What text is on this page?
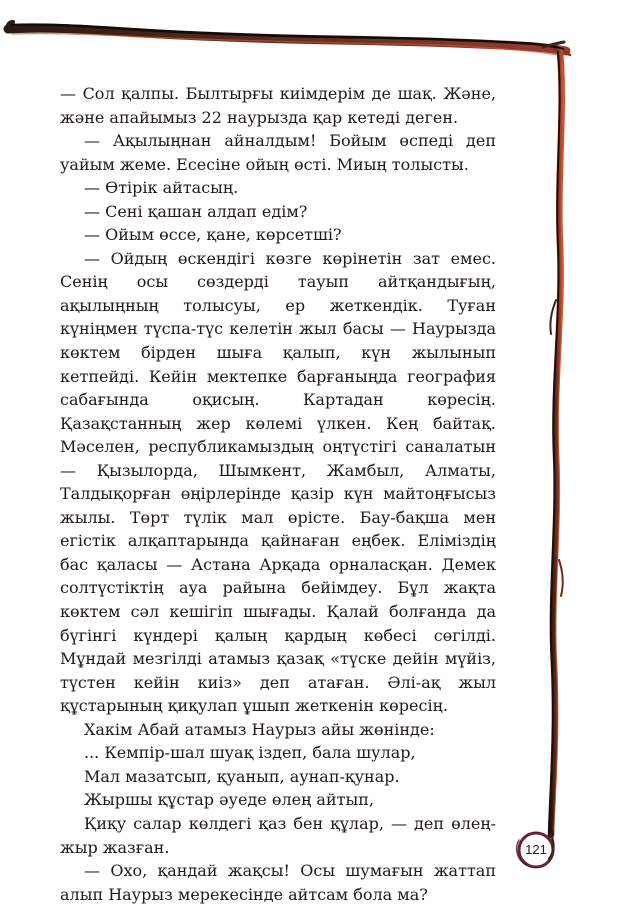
— Сол қалпы. Былтырғы киімдерім де шақ. Және, және апайымыз 22 наурызда қар кетеді деген.

— Ақылыңнан айналдым! Бойым өспеді деп уайым жеме. Есесіне ойың өсті. Миың толысты.

— Өтірік айтасың.

— Сені қашан алдап едім?

— Ойым өссе, қане, көрсетші?

— Ойдың өскендігі көзге көрінетін зат емес. Сенің осы сөздерді тауып айтқандығың, ақылыңның толысуы, ер жеткендік. Туған күніңмен түспа-түс келетін жыл басы — Наурызда көктем бірден шыға қалып, күн жылынып кетпейді. Кейін мектепке барғаныңда география сабағында оқисың. Картадан көресің. Қазақстанның жер көлемі үлкен. Кең байтақ. Мәселен, республикамыздың оңтүстігі саналатын — Қызылорда, Шымкент, Жамбыл, Алматы, Талдықорған өңірлерінде қазір күн майтоңғысыз жылы. Төрт түлік мал өрісте. Бау-бақша мен егістік алқаптарында қайнаған еңбек. Еліміздің бас қаласы — Астана Арқада орналасқан. Демек солтүстіктің ауа райына бейімдеу. Бұл жақта көктем сәл кешігіп шығады. Қалай болғанда да бүгінгі күндері қалың қардың көбесі сөгілді. Мұндай мезгілді атамыз қазақ «түске дейін мүйіз, түстен кейін киіз» деп атаған. Әлі-ақ жыл құстарының қиқулап ұшып жеткенін көресің.

Хакім Абай атамыз Наурыз айы жөнінде:

... Кемпір-шал шуақ іздеп, бала шулар,

Мал мазатсып, қуанып, аунап-қунар.

Жыршы құстар әуеде өлең айтып,

Қиқу салар көлдегі қаз бен құлар, — деп өлең-жыр жазған.

— Охо, қандай жақсы! Осы шумағын жаттап алып Наурыз мерекесінде айтсам бола ма?

121
